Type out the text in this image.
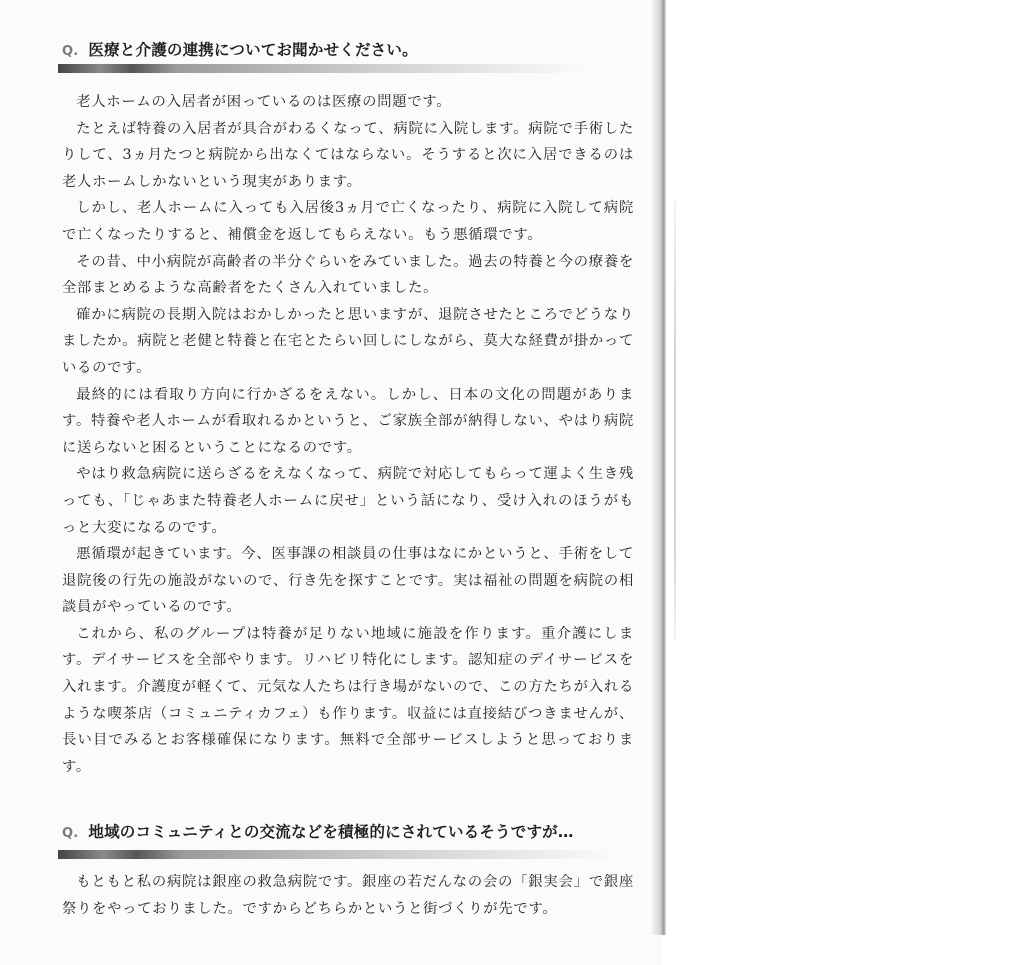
Q. 医療と介護の連携についてお聞かせください。

老人ホームの入居者が困っているのは医療の問題です。

たとえば特養の入居者が具合がわるくなって、病院に入院します。病院で手術したりして、3ヵ月たつと病院から出なくてはならない。そうすると次に入居できるのは老人ホームしかないという現実があります。

しかし、老人ホームに入っても入居後3ヵ月で亡くなったり、病院に入院して病院で亡くなったりすると、補償金を返してもらえない。もう悪循環です。

その昔、中小病院が高齢者の半分ぐらいをみていました。過去の特養と今の療養を全部まとめるような高齢者をたくさん入れていました。

確かに病院の長期入院はおかしかったと思いますが、退院させたところでどうなりましたか。病院と老健と特養と在宅とたらい回しにしながら、莫大な経費が掛かっているのです。

最終的には看取り方向に行かざるをえない。しかし、日本の文化の問題があります。特養や老人ホームが看取れるかというと、ご家族全部が納得しない、やはり病院に送らないと困るということになるのです。

やはり救急病院に送らざるをえなくなって、病院で対応してもらって運よく生き残っても、「じゃあまた特養老人ホームに戻せ」という話になり、受け入れのほうがもっと大変になるのです。

悪循環が起きています。今、医事課の相談員の仕事はなにかというと、手術をして退院後の行先の施設がないので、行き先を探すことです。実は福祉の問題を病院の相談員がやっているのです。

これから、私のグループは特養が足りない地域に施設を作ります。重介護にします。デイサービスを全部やります。リハビリ特化にします。認知症のデイサービスを入れます。介護度が軽くて、元気な人たちは行き場がないので、この方たちが入れるような喫茶店（コミュニティカフェ）も作ります。収益には直接結びつきませんが、長い目でみるとお客様確保になります。無料で全部サービスしようと思っております。

Q. 地域のコミュニティとの交流などを積極的にされているそうですが…

もともと私の病院は銀座の救急病院です。銀座の若だんなの会の「銀実会」で銀座祭りをやっておりました。ですからどちらかというと街づくりが先です。
